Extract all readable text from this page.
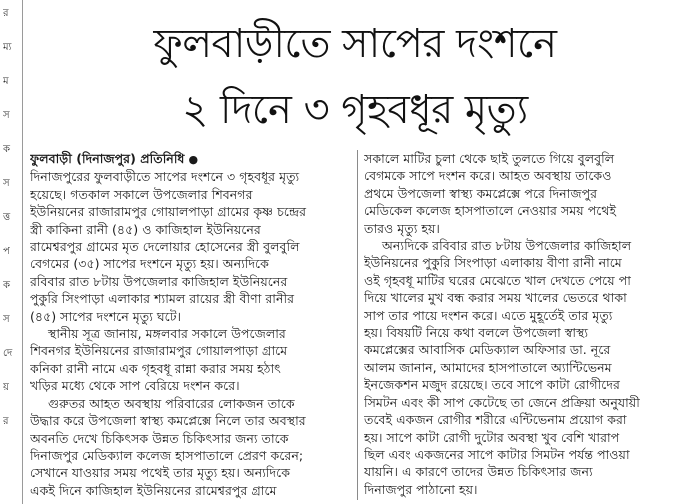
র
ম্য
ম
স
ক
স
ত্ত
প
ক
স
দে
য়
র
ফুলবাড়ীতে সাপের দংশনে
২ দিনে ৩ গৃহবধূর মৃত্যু
ফুলবাড়ী (দিনাজপুর) প্রতিনিধি ●
দিনাজপুরের ফুলবাড়ীতে সাপের দংশনে ৩ গৃহবধূর মৃত্যু
হয়েছে। গতকাল সকালে উপজেলার শিবনগর
ইউনিয়নের রাজারামপুর গোয়ালপাড়া গ্রামের কৃষ্ণ চন্দ্রের
স্ত্রী কাকিনা রানী (৪৫) ও কাজিহাল ইউনিয়নের
রামেশ্বরপুর গ্রামের মৃত দেলোয়ার হোসেনের স্ত্রী বুলবুলি
বেগমের (৩৫) সাপের দংশনে মৃত্যু হয়। অন্যদিকে
রবিবার রাত ৮টায় উপজেলার কাজিহাল ইউনিয়নের
পুকুরি সিংপাড়া এলাকার শ্যামল রায়ের স্ত্রী বীণা রানীর
(৪৫) সাপের দংশনে মৃত্যু ঘটে।
স্থানীয় সূত্র জানায়, মঙ্গলবার সকালে উপজেলার
শিবনগর ইউনিয়নের রাজারামপুর গোয়ালপাড়া গ্রামে
কনিকা রানী নামে এক গৃহবধূ রান্না করার সময় হঠাৎ
খড়ির মধ্যে থেকে সাপ বেরিয়ে দংশন করে।
গুরুতর আহত অবস্থায় পরিবারের লোকজন তাকে
উদ্ধার করে উপজেলা স্বাস্থ্য কমপ্লেক্সে নিলে তার অবস্থার
অবনতি দেখে চিকিৎসক উন্নত চিকিৎসার জন্য তাকে
দিনাজপুর মেডিক্যাল কলেজ হাসপাতালে প্রেরণ করেন;
সেখানে যাওয়ার সময় পথেই তার মৃত্যু হয়। অন্যদিকে
একই দিনে কাজিহাল ইউনিয়নের রামেশ্বরপুর গ্রামে
সকালে মাটির চুলা থেকে ছাই তুলতে গিয়ে বুলবুলি
বেগমকে সাপে দংশন করে। আহত অবস্থায় তাকেও
প্রথমে উপজেলা স্বাস্থ্য কমপ্লেক্সে পরে দিনাজপুর
মেডিকেল কলেজ হাসপাতালে নেওয়ার সময় পথেই
তারও মৃত্যু হয়।
অন্যদিকে রবিবার রাত ৮টায় উপজেলার কাজিহাল
ইউনিয়নের পুকুরি সিংপাড়া এলাকায় বীণা রানী নামে
ওই গৃহবধূ মাটির ঘরের মেঝেতে খাল দেখতে পেয়ে পা
দিয়ে খালের মুখ বন্ধ করার সময় খালের ভেতরে থাকা
সাপ তার পায়ে দংশন করে। এতে মুহূর্তেই তার মৃত্যু
হয়। বিষয়টি নিয়ে কথা বললে উপজেলা স্বাস্থ্য
কমপ্লেক্সের আবাসিক মেডিক্যাল অফিসার ডা. নূরে
আলম জানান, আমাদের হাসপাতালে অ্যান্টিভেনম
ইনজেকশন মজুদ রয়েছে। তবে সাপে কাটা রোগীদের
সিমটন এবং কী সাপ কেটেছে তা জেনে প্রক্রিয়া অনুযায়ী
তবেই একজন রোগীর শরীরে এন্টিভেনাম প্রয়োগ করা
হয়। সাপে কাটা রোগী দুটোর অবস্থা খুব বেশি খারাপ
ছিল এবং একজনের সাপে কাটার সিমটন পর্যন্ত পাওয়া
যায়নি। এ কারণে তাদের উন্নত চিকিৎসার জন্য
দিনাজপুর পাঠানো হয়।
